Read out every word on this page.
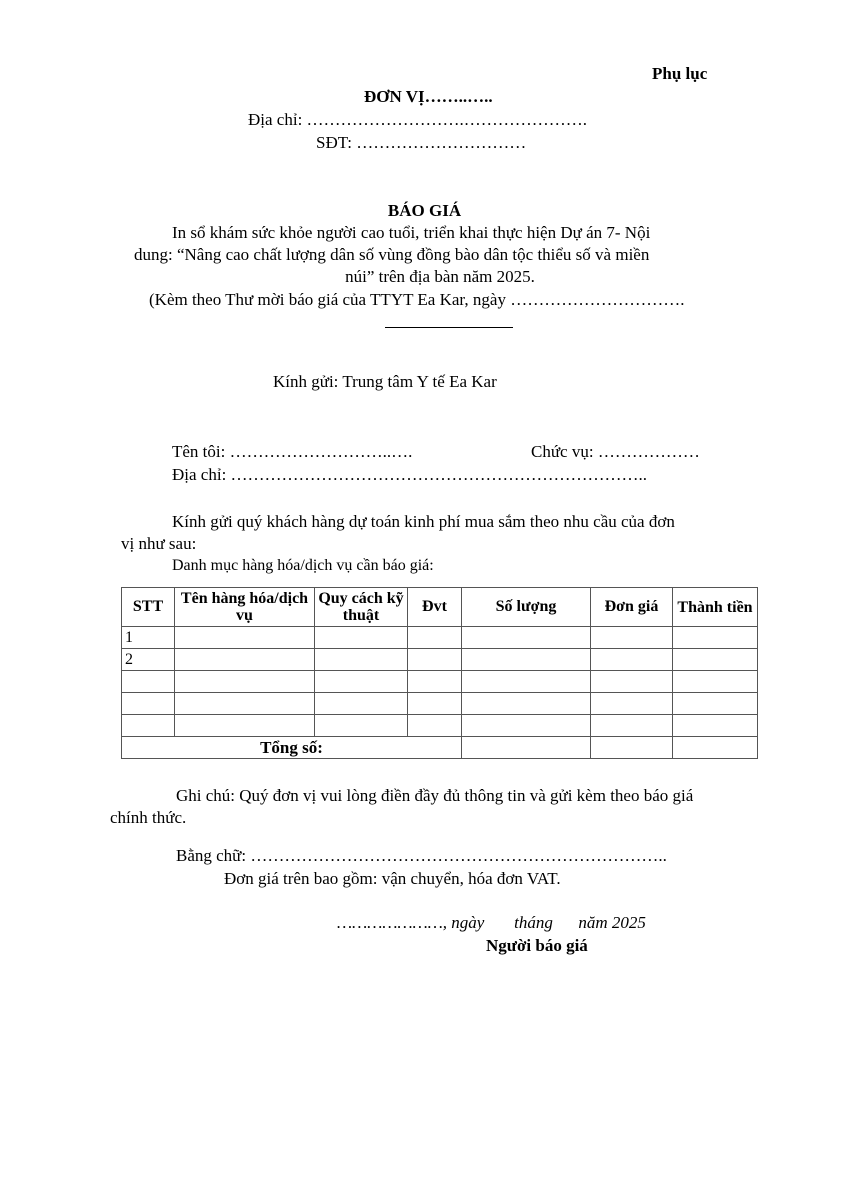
Phụ lục
ĐƠN VỊ……..…..
Địa chỉ: ……………………….………………….
SĐT: …………………………
BÁO GIÁ
In sổ khám sức khỏe người cao tuổi, triển khai thực hiện Dự án 7- Nội
dung: “Nâng cao chất lượng dân số vùng đồng bào dân tộc thiểu số và miền
núi” trên địa bàn năm 2025.
(Kèm theo Thư mời báo giá của TTYT Ea Kar, ngày ………………………….
Kính gửi: Trung tâm Y tế Ea Kar
Tên tôi: ………………………..….	Chức vụ: ………………
Địa chỉ: ………………………………………………………………..
Kính gửi quý khách hàng dự toán kinh phí mua sắm theo nhu cầu của đơn
vị như sau:
Danh mục hàng hóa/dịch vụ cần báo giá:
STT	Tên hàng hóa/dịch vụ	Quy cách kỹ thuật	Đvt	Số lượng	Đơn giá	Thành tiền
1						
2						

Tổng số:						
Ghi chú: Quý đơn vị vui lòng điền đầy đủ thông tin và gửi kèm theo báo giá
chính thức.
Bằng chữ: ………………………………………………………………..
Đơn giá trên bao gồm: vận chuyển, hóa đơn VAT.
…………………, ngày       tháng      năm 2025
Người báo giá
